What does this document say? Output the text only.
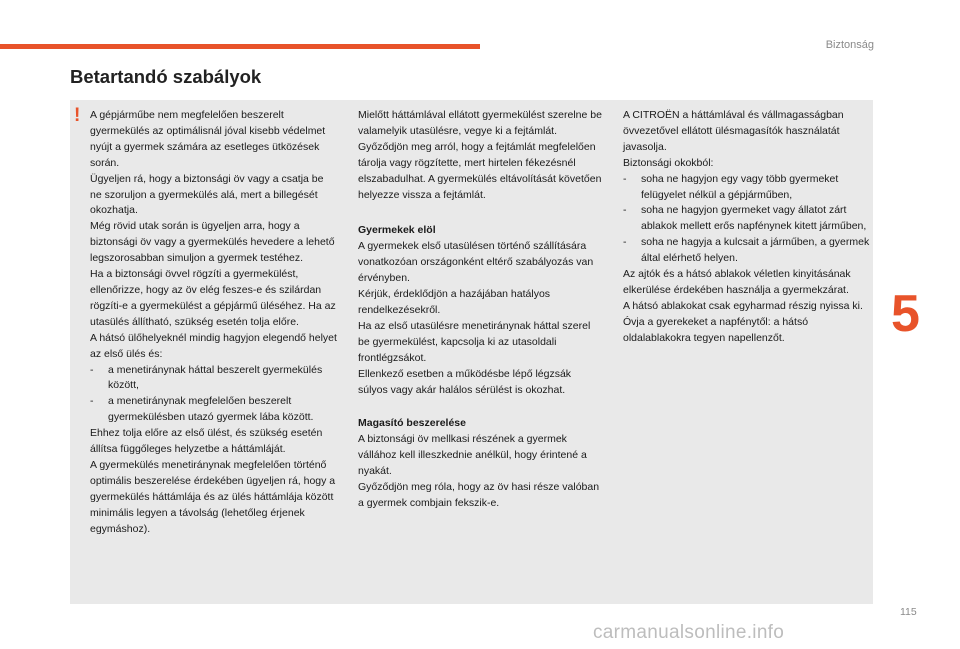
Biztonság
Betartandó szabályok
! A gépjárműbe nem megfelelően beszerelt gyermekülés az optimálisnál jóval kisebb védelmet nyújt a gyermek számára az esetleges ütközések során.

Ügyeljen rá, hogy a biztonsági öv vagy a csatja be ne szoruljon a gyermekülés alá, mert a billegését okozhatja.

Még rövid utak során is ügyeljen arra, hogy a biztonsági öv vagy a gyermekülés hevedere a lehető legszorosabban simuljon a gyermek testéhez.

Ha a biztonsági övvel rögzíti a gyermekülést, ellenőrizze, hogy az öv elég feszes-e és szilárdan rögzíti-e a gyermekülést a gépjármű üléséhez. Ha az utasülés állítható, szükség esetén tolja előre.

A hátsó ülőhelyeknél mindig hagyjon elegendő helyet az első ülés és:

-	a menetiránynak háttal beszerelt gyermekülés között,
-	a menetiránynak megfelelően beszerelt gyermekülésben utazó gyermek lába között.

Ehhez tolja előre az első ülést, és szükség esetén állítsa függőleges helyzetbe a háttámláját.

A gyermekülés menetiránynak megfelelően történő optimális beszerelése érdekében ügyeljen rá, hogy a gyermekülés háttámlája és az ülés háttámlája között minimális legyen a távolság (lehetőleg érjenek egymáshoz).

Mielőtt háttámlával ellátott gyermekülést szerelne be valamelyik utasülésre, vegye ki a fejtámlát.

Győződjön meg arról, hogy a fejtámlát megfelelően tárolja vagy rögzítette, mert hirtelen fékezésnél elszabadulhat. A gyermekülés eltávolítását követően helyezze vissza a fejtámlát.

Gyermekek elöl

A gyermekek első utasülésen történő szállítására vonatkozóan országonként eltérő szabályozás van érvényben.

Kérjük, érdeklődjön a hazájában hatályos rendelkezésekről.

Ha az első utasülésre menetiránynak háttal szerel be gyermekülést, kapcsolja ki az utasoldali frontlégzsákot.

Ellenkező esetben a működésbe lépő légzsák súlyos vagy akár halálos sérülést is okozhat.

Magasító beszerelése

A biztonsági öv mellkasi részének a gyermek vállához kell illeszkednie anélkül, hogy érintené a nyakát.

Győződjön meg róla, hogy az öv hasi része valóban a gyermek combjain fekszik-e.

A CITROËN a háttámlával és vállmagasságban övvezetővel ellátott ülésmagasítók használatát javasolja.

Biztonsági okokból:

-	soha ne hagyjon egy vagy több gyermeket felügyelet nélkül a gépjárműben,
-	soha ne hagyjon gyermeket vagy állatot zárt ablakok mellett erős napfénynek kitett járműben,
-	soha ne hagyja a kulcsait a járműben, a gyermek által elérhető helyen.

Az ajtók és a hátsó ablakok véletlen kinyitásának elkerülése érdekében használja a gyermekzárat.

A hátsó ablakokat csak egyharmad részig nyissa ki.

Óvja a gyerekeket a napfénytől: a hátsó oldalablakokra tegyen napellenzőt.	5
115
carmanualsonline.info
